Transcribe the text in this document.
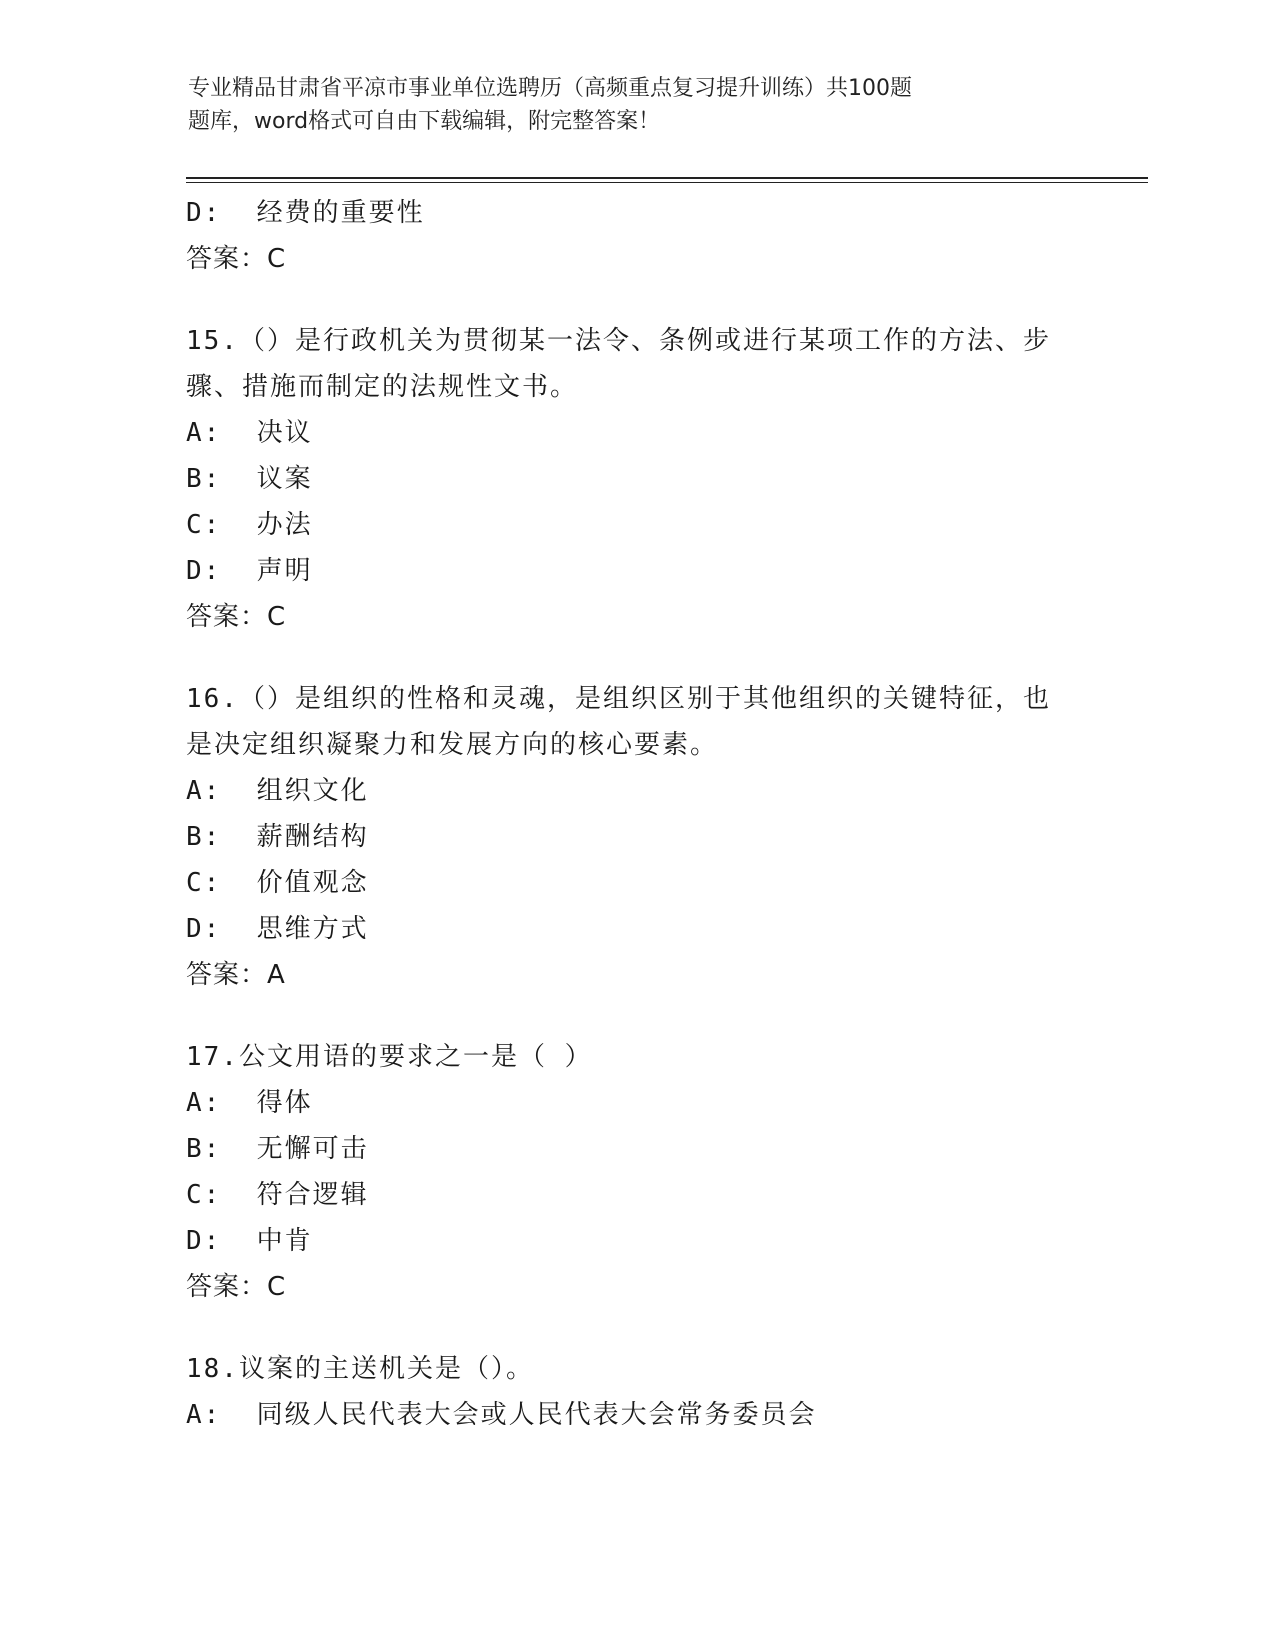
专业精品甘肃省平凉市事业单位选聘历（高频重点复习提升训练）共100题
题库，word格式可自由下载编辑，附完整答案！
D:  经费的重要性
答案：C
15.（）是行政机关为贯彻某一法令、条例或进行某项工作的方法、步
骤、措施而制定的法规性文书。
A:  决议
B:  议案
C:  办法
D:  声明
答案：C
16.（）是组织的性格和灵魂，是组织区别于其他组织的关键特征，也
是决定组织凝聚力和发展方向的核心要素。
A:  组织文化
B:  薪酬结构
C:  价值观念
D:  思维方式
答案：A
17.公文用语的要求之一是（ ）
A:  得体
B:  无懈可击
C:  符合逻辑
D:  中肯
答案：C
18.议案的主送机关是（）。
A:  同级人民代表大会或人民代表大会常务委员会
